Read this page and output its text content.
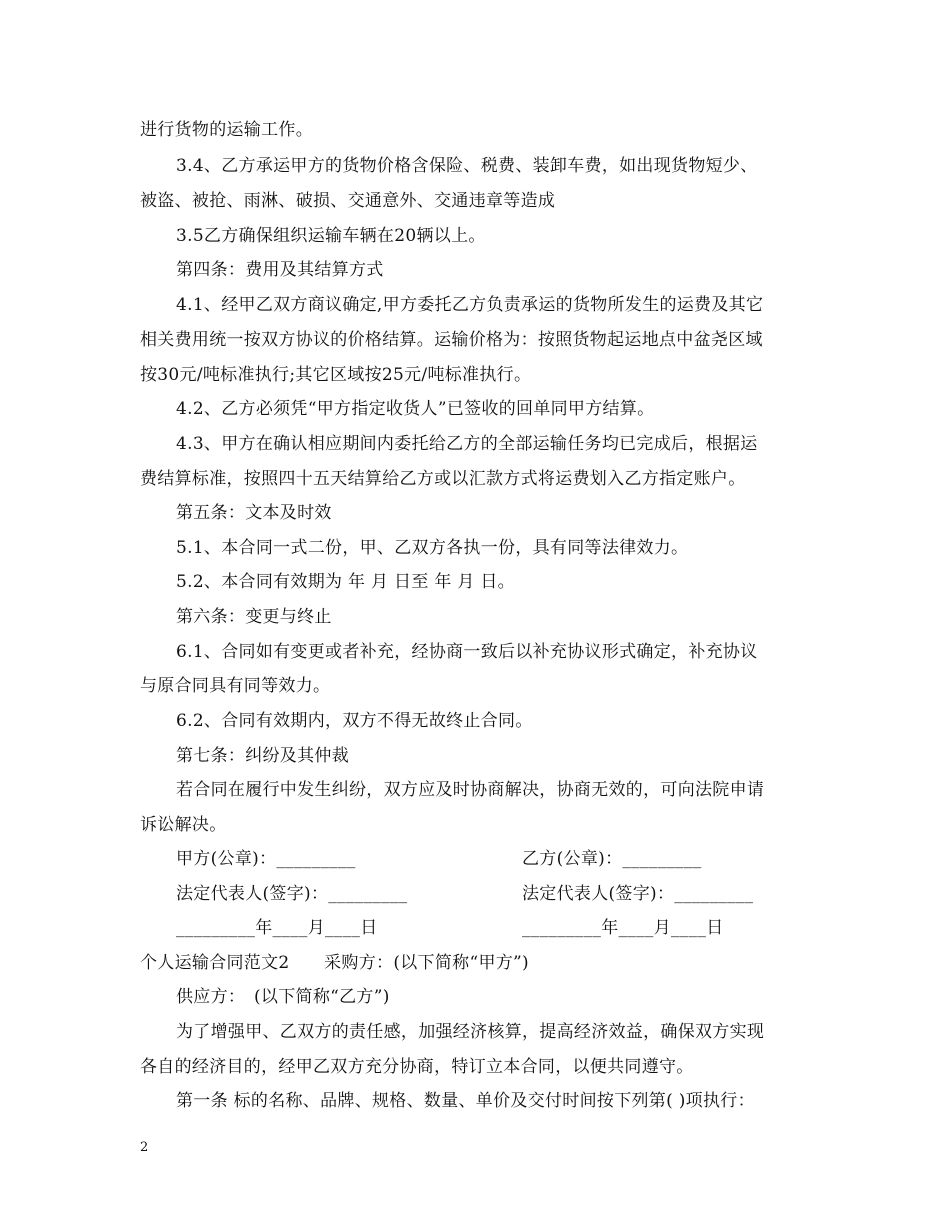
进行货物的运输工作。
3.4、乙方承运甲方的货物价格含保险、税费、装卸车费，如出现货物短少、
被盗、被抢、雨淋、破损、交通意外、交通违章等造成
3.5乙方确保组织运输车辆在20辆以上。
第四条：费用及其结算方式
4.1、经甲乙双方商议确定,甲方委托乙方负责承运的货物所发生的运费及其它
相关费用统一按双方协议的价格结算。运输价格为：按照货物起运地点中盆尧区域
按30元/吨标准执行;其它区域按25元/吨标准执行。
4.2、乙方必须凭“甲方指定收货人”已签收的回单同甲方结算。
4.3、甲方在确认相应期间内委托给乙方的全部运输任务均已完成后，根据运
费结算标准，按照四十五天结算给乙方或以汇款方式将运费划入乙方指定账户。
第五条：文本及时效
5.1、本合同一式二份，甲、乙双方各执一份，具有同等法律效力。
5.2、本合同有效期为 年 月 日至 年 月 日。
第六条：变更与终止
6.1、合同如有变更或者补充，经协商一致后以补充协议形式确定，补充协议
与原合同具有同等效力。
6.2、合同有效期内，双方不得无故终止合同。
第七条：纠纷及其仲裁
若合同在履行中发生纠纷，双方应及时协商解决，协商无效的，可向法院申请
诉讼解决。
甲方(公章)：_________	乙方(公章)：_________
法定代表人(签字)：_________	法定代表人(签字)：_________
_________年____月____日	_________年____月____日
个人运输合同范文2　　采购方：(以下简称“甲方”)
供应方：　(以下简称“乙方”)
为了增强甲、乙双方的责任感，加强经济核算，提高经济效益，确保双方实现
各自的经济目的，经甲乙双方充分协商，特订立本合同，以便共同遵守。
第一条 标的名称、品牌、规格、数量、单价及交付时间按下列第( )项执行：
2
